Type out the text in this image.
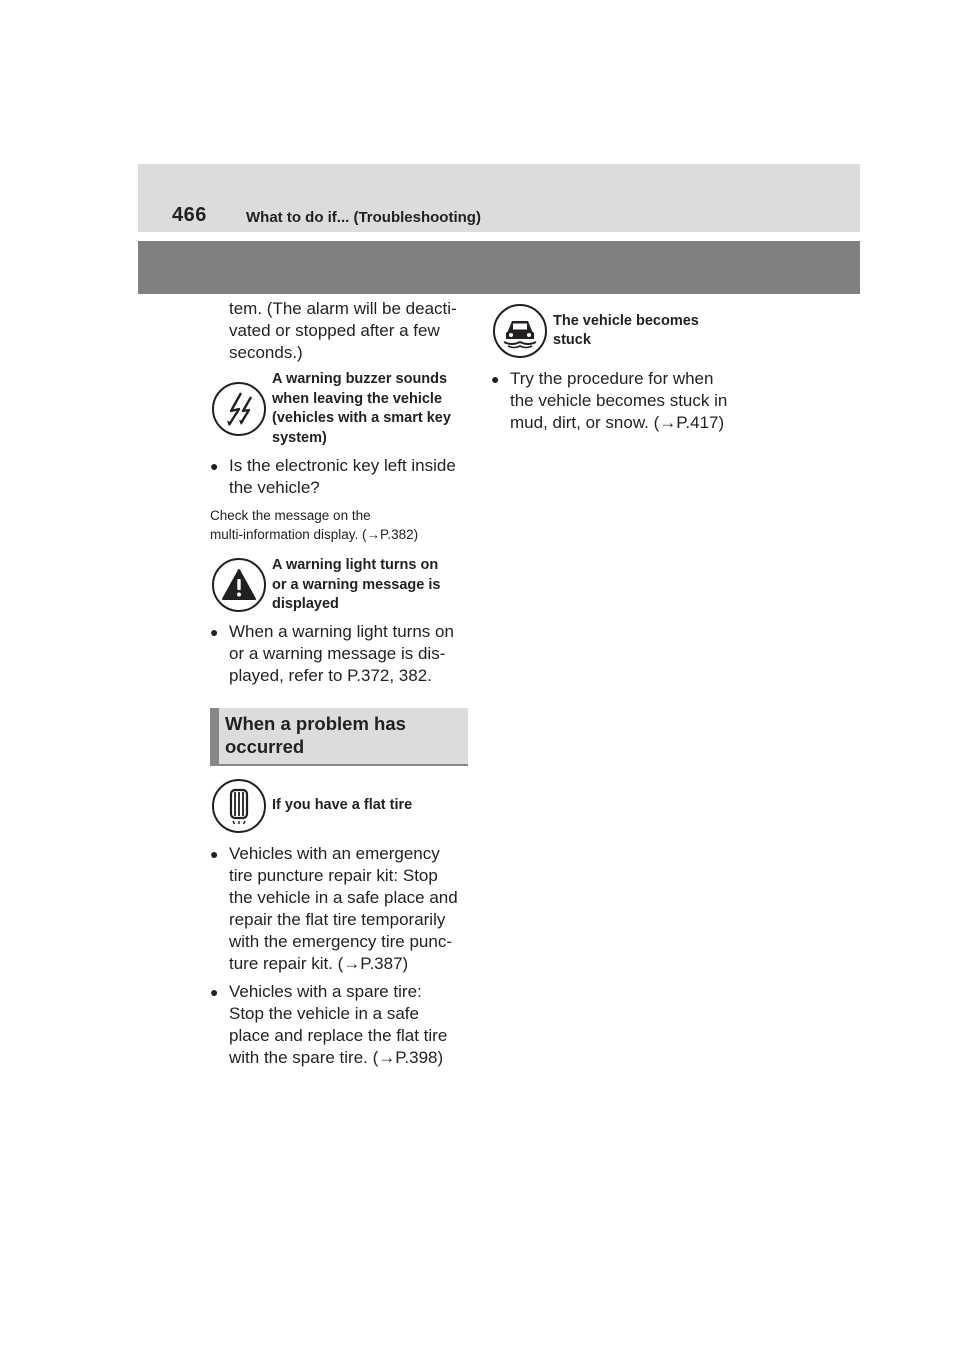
466	What to do if... (Troubleshooting)
tem. (The alarm will be deacti-
vated or stopped after a few
seconds.)
A warning buzzer sounds
when leaving the vehicle
(vehicles with a smart key
system)
● Is the electronic key left inside
the vehicle?
Check the message on the
multi-information display. (→P.382)
A warning light turns on
or a warning message is
displayed
● When a warning light turns on
or a warning message is dis-
played, refer to P.372, 382.
When a problem has
occurred
If you have a flat tire
● Vehicles with an emergency
tire puncture repair kit: Stop
the vehicle in a safe place and
repair the flat tire temporarily
with the emergency tire punc-
ture repair kit. (→P.387)
● Vehicles with a spare tire:
Stop the vehicle in a safe
place and replace the flat tire
with the spare tire. (→P.398)
The vehicle becomes
stuck
● Try the procedure for when
the vehicle becomes stuck in
mud, dirt, or snow. (→P.417)
